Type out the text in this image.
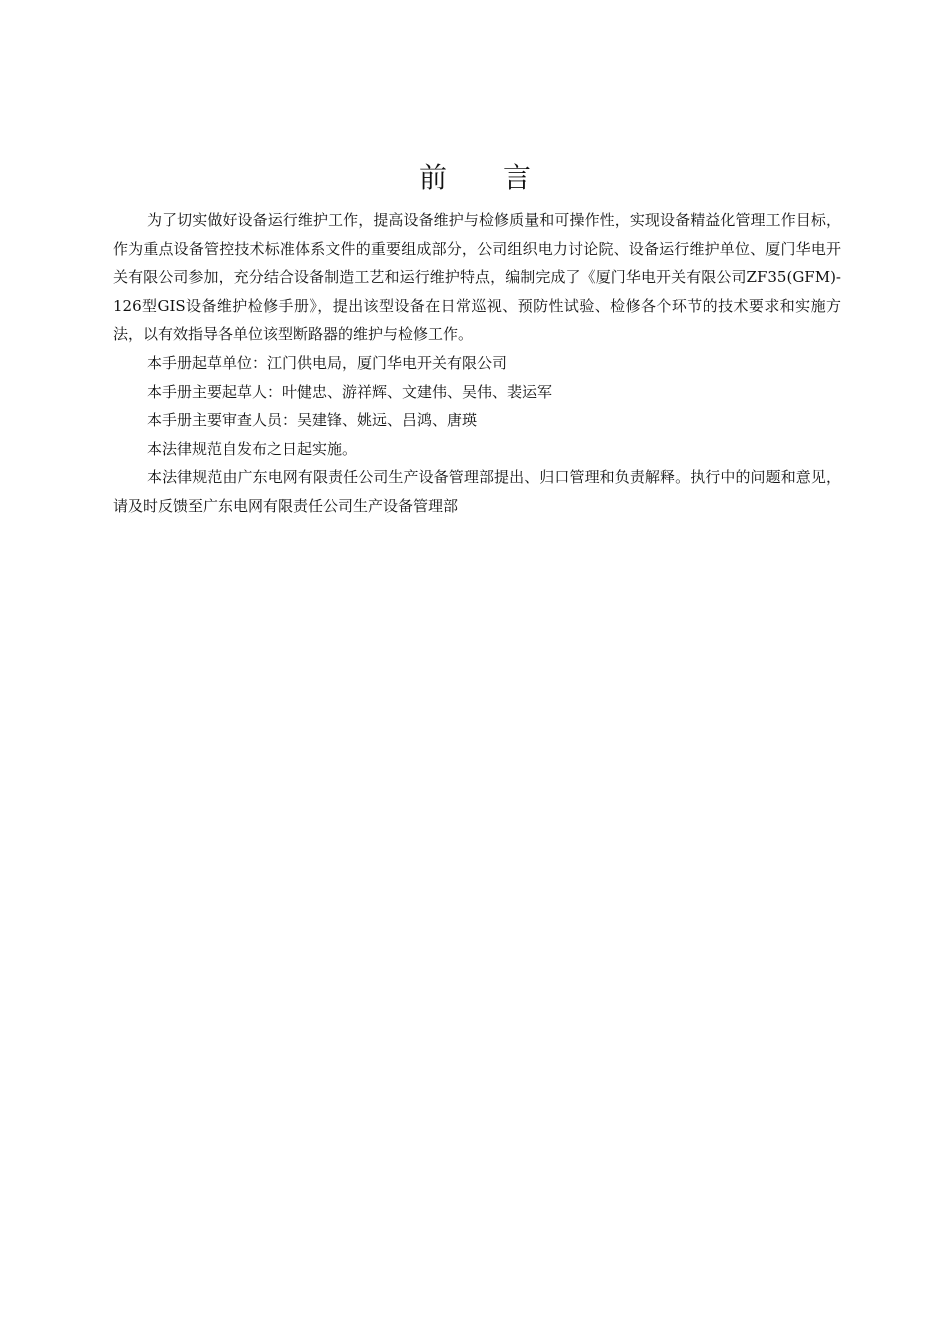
前言

为了切实做好设备运行维护工作，提高设备维护与检修质量和可操作性，实现设备精益化管理工作目标，作为重点设备管控技术标准体系文件的重要组成部分，公司组织电力讨论院、设备运行维护单位、厦门华电开关有限公司参加，充分结合设备制造工艺和运行维护特点，编制完成了《厦门华电开关有限公司ZF35(GFM)-126型GIS设备维护检修手册》，提出该型设备在日常巡视、预防性试验、检修各个环节的技术要求和实施方法，以有效指导各单位该型断路器的维护与检修工作。

本手册起草单位：江门供电局，厦门华电开关有限公司

本手册主要起草人：叶健忠、游祥辉、文建伟、吴伟、裴运军

本手册主要审查人员：吴建锋、姚远、吕鸿、唐瑛

本法律规范自发布之日起实施。

本法律规范由广东电网有限责任公司生产设备管理部提出、归口管理和负责解释。执行中的问题和意见，请及时反馈至广东电网有限责任公司生产设备管理部
